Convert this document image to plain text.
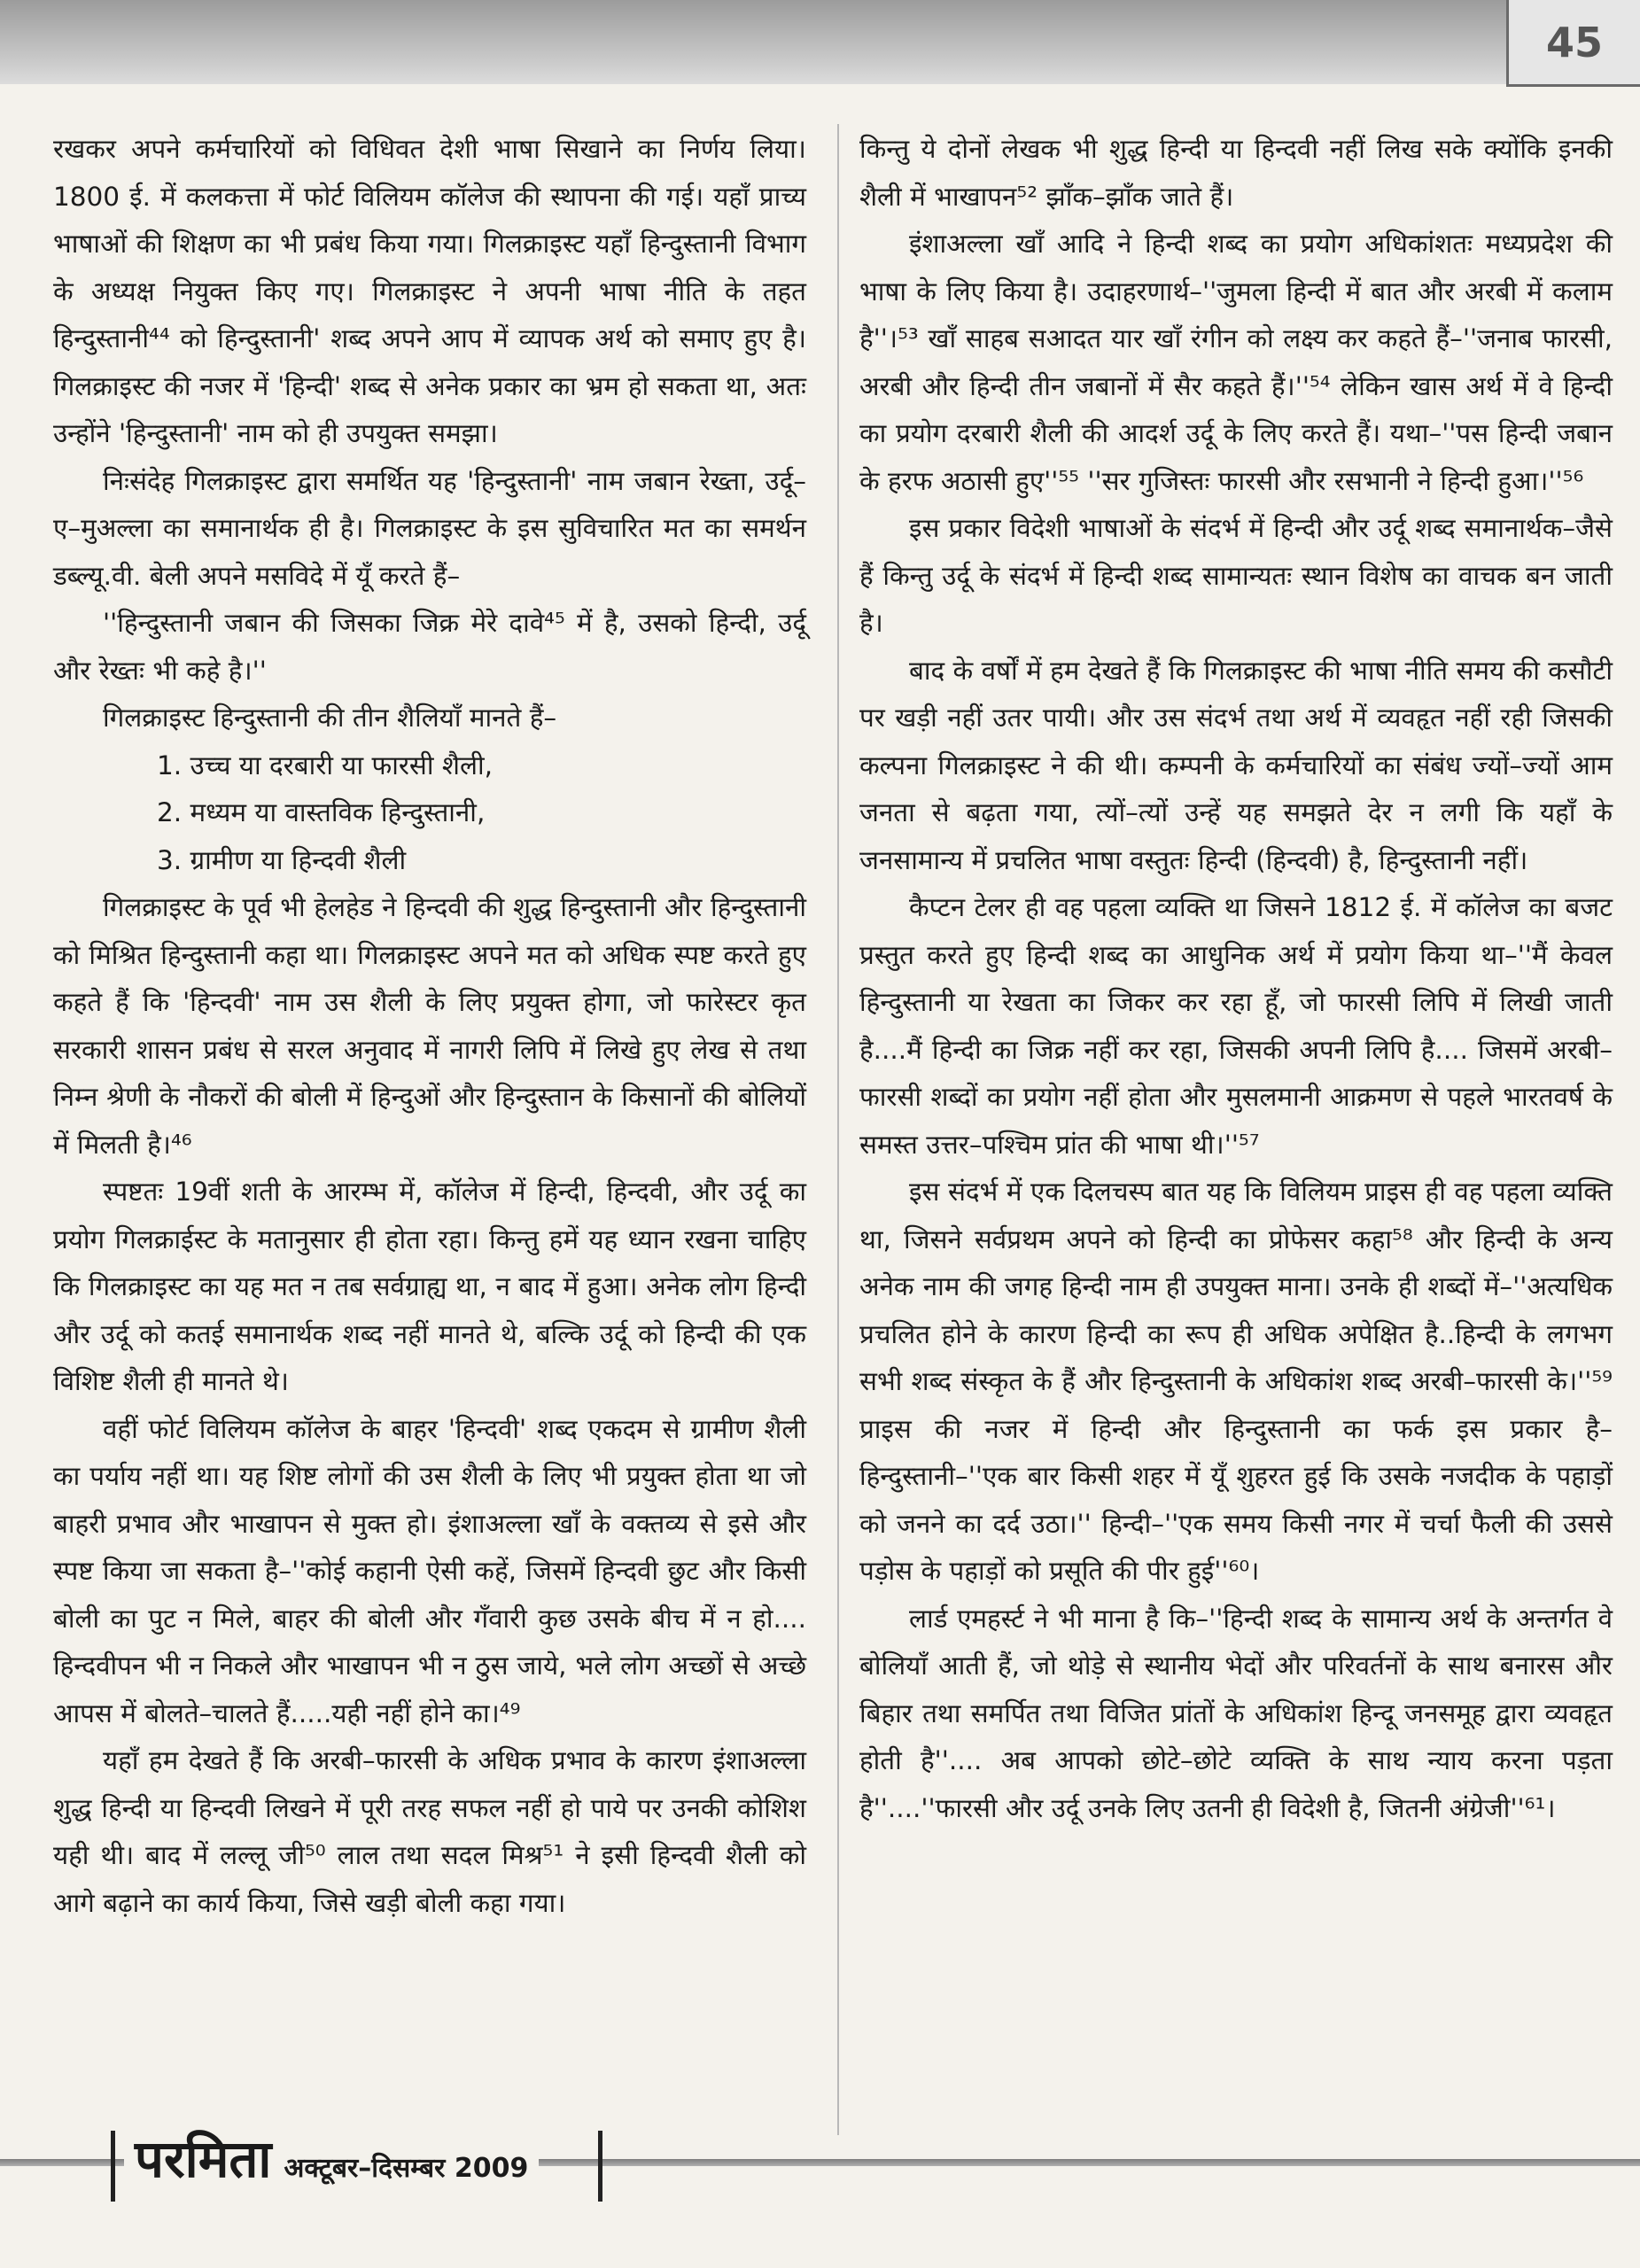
45

रखकर अपने कर्मचारियों को विधिवत देशी भाषा सिखाने का निर्णय लिया। 1800 ई. में कलकत्ता में फोर्ट विलियम कॉलेज की स्थापना की गई। यहाँ प्राच्य भाषाओं की शिक्षण का भी प्रबंध किया गया। गिलक्राइस्ट यहाँ हिन्दुस्तानी विभाग के अध्यक्ष नियुक्त किए गए। गिलक्राइस्ट ने अपनी भाषा नीति के तहत हिन्दुस्तानी⁴⁴ को हिन्दुस्तानी' शब्द अपने आप में व्यापक अर्थ को समाए हुए है। गिलक्राइस्ट की नजर में 'हिन्दी' शब्द से अनेक प्रकार का भ्रम हो सकता था, अतः उन्होंने 'हिन्दुस्तानी' नाम को ही उपयुक्त समझा।

निःसंदेह गिलक्राइस्ट द्वारा समर्थित यह 'हिन्दुस्तानी' नाम जबान रेख्ता, उर्दू–ए–मुअल्ला का समानार्थक ही है। गिलक्राइस्ट के इस सुविचारित मत का समर्थन डब्ल्यू.वी. बेली अपने मसविदे में यूँ करते हैं–

''हिन्दुस्तानी जबान की जिसका जिक्र मेरे दावे⁴⁵ में है, उसको हिन्दी, उर्दू और रेख्तः भी कहे है।''

गिलक्राइस्ट हिन्दुस्तानी की तीन शैलियाँ मानते हैं–

1. उच्च या दरबारी या फारसी शैली,

2. मध्यम या वास्तविक हिन्दुस्तानी,

3. ग्रामीण या हिन्दवी शैली

गिलक्राइस्ट के पूर्व भी हेलहेड ने हिन्दवी की शुद्ध हिन्दुस्तानी और हिन्दुस्तानी को मिश्रित हिन्दुस्तानी कहा था। गिलक्राइस्ट अपने मत को अधिक स्पष्ट करते हुए कहते हैं कि 'हिन्दवी' नाम उस शैली के लिए प्रयुक्त होगा, जो फारेस्टर कृत सरकारी शासन प्रबंध से सरल अनुवाद में नागरी लिपि में लिखे हुए लेख से तथा निम्न श्रेणी के नौकरों की बोली में हिन्दुओं और हिन्दुस्तान के किसानों की बोलियों में मिलती है।⁴⁶

स्पष्टतः 19वीं शती के आरम्भ में, कॉलेज में हिन्दी, हिन्दवी, और उर्दू का प्रयोग गिलक्राईस्ट के मतानुसार ही होता रहा। किन्तु हमें यह ध्यान रखना चाहिए कि गिलक्राइस्ट का यह मत न तब सर्वग्राह्य था, न बाद में हुआ। अनेक लोग हिन्दी और उर्दू को कतई समानार्थक शब्द नहीं मानते थे, बल्कि उर्दू को हिन्दी की एक विशिष्ट शैली ही मानते थे।

वहीं फोर्ट विलियम कॉलेज के बाहर 'हिन्दवी' शब्द एकदम से ग्रामीण शैली का पर्याय नहीं था। यह शिष्ट लोगों की उस शैली के लिए भी प्रयुक्त होता था जो बाहरी प्रभाव और भाखापन से मुक्त हो। इंशाअल्ला खाँ के वक्तव्य से इसे और स्पष्ट किया जा सकता है–''कोई कहानी ऐसी कहें, जिसमें हिन्दवी छुट और किसी बोली का पुट न मिले, बाहर की बोली और गँवारी कुछ उसके बीच में न हो.... हिन्दवीपन भी न निकले और भाखापन भी न ठुस जाये, भले लोग अच्छों से अच्छे आपस में बोलते–चालते हैं.....यही नहीं होने का।⁴⁹

यहाँ हम देखते हैं कि अरबी–फारसी के अधिक प्रभाव के कारण इंशाअल्ला शुद्ध हिन्दी या हिन्दवी लिखने में पूरी तरह सफल नहीं हो पाये पर उनकी कोशिश यही थी। बाद में लल्लू जी⁵⁰ लाल तथा सदल मिश्र⁵¹ ने इसी हिन्दवी शैली को आगे बढ़ाने का कार्य किया, जिसे खड़ी बोली कहा गया।

किन्तु ये दोनों लेखक भी शुद्ध हिन्दी या हिन्दवी नहीं लिख सके क्योंकि इनकी शैली में भाखापन⁵² झाँक–झाँक जाते हैं।

इंशाअल्ला खाँ आदि ने हिन्दी शब्द का प्रयोग अधिकांशतः मध्यप्रदेश की भाषा के लिए किया है। उदाहरणार्थ–''जुमला हिन्दी में बात और अरबी में कलाम है''।⁵³ खाँ साहब सआदत यार खाँ रंगीन को लक्ष्य कर कहते हैं–''जनाब फारसी, अरबी और हिन्दी तीन जबानों में सैर कहते हैं।''⁵⁴ लेकिन खास अर्थ में वे हिन्दी का प्रयोग दरबारी शैली की आदर्श उर्दू के लिए करते हैं। यथा–''पस हिन्दी जबान के हरफ अठासी हुए''⁵⁵ ''सर गुजिस्तः फारसी और रसभानी ने हिन्दी हुआ।''⁵⁶

इस प्रकार विदेशी भाषाओं के संदर्भ में हिन्दी और उर्दू शब्द समानार्थक–जैसे हैं किन्तु उर्दू के संदर्भ में हिन्दी शब्द सामान्यतः स्थान विशेष का वाचक बन जाती है।

बाद के वर्षों में हम देखते हैं कि गिलक्राइस्ट की भाषा नीति समय की कसौटी पर खड़ी नहीं उतर पायी। और उस संदर्भ तथा अर्थ में व्यवहृत नहीं रही जिसकी कल्पना गिलक्राइस्ट ने की थी। कम्पनी के कर्मचारियों का संबंध ज्यों–ज्यों आम जनता से बढ़ता गया, त्यों–त्यों उन्हें यह समझते देर न लगी कि यहाँ के जनसामान्य में प्रचलित भाषा वस्तुतः हिन्दी (हिन्दवी) है, हिन्दुस्तानी नहीं।

कैप्टन टेलर ही वह पहला व्यक्ति था जिसने 1812 ई. में कॉलेज का बजट प्रस्तुत करते हुए हिन्दी शब्द का आधुनिक अर्थ में प्रयोग किया था–''मैं केवल हिन्दुस्तानी या रेखता का जिकर कर रहा हूँ, जो फारसी लिपि में लिखी जाती है....मैं हिन्दी का जिक्र नहीं कर रहा, जिसकी अपनी लिपि है.... जिसमें अरबी–फारसी शब्दों का प्रयोग नहीं होता और मुसलमानी आक्रमण से पहले भारतवर्ष के समस्त उत्तर–पश्चिम प्रांत की भाषा थी।''⁵⁷

इस संदर्भ में एक दिलचस्प बात यह कि विलियम प्राइस ही वह पहला व्यक्ति था, जिसने सर्वप्रथम अपने को हिन्दी का प्रोफेसर कहा⁵⁸ और हिन्दी के अन्य अनेक नाम की जगह हिन्दी नाम ही उपयुक्त माना। उनके ही शब्दों में–''अत्यधिक प्रचलित होने के कारण हिन्दी का रूप ही अधिक अपेक्षित है..हिन्दी के लगभग सभी शब्द संस्कृत के हैं और हिन्दुस्तानी के अधिकांश शब्द अरबी–फारसी के।''⁵⁹ प्राइस की नजर में हिन्दी और हिन्दुस्तानी का फर्क इस प्रकार है– हिन्दुस्तानी–''एक बार किसी शहर में यूँ शुहरत हुई कि उसके नजदीक के पहाड़ों को जनने का दर्द उठा।'' हिन्दी–''एक समय किसी नगर में चर्चा फैली की उससे पड़ोस के पहाड़ों को प्रसूति की पीर हुई''⁶⁰।

लार्ड एमहर्स्ट ने भी माना है कि–''हिन्दी शब्द के सामान्य अर्थ के अन्तर्गत वे बोलियाँ आती हैं, जो थोड़े से स्थानीय भेदों और परिवर्तनों के साथ बनारस और बिहार तथा समर्पित तथा विजित प्रांतों के अधिकांश हिन्दू जनसमूह द्वारा व्यवहृत होती है''.... अब आपको छोटे–छोटे व्यक्ति के साथ न्याय करना पड़ता है''....''फारसी और उर्दू उनके लिए उतनी ही विदेशी है, जितनी अंग्रेजी''⁶¹।

परमिता अक्टूबर–दिसम्बर 2009
